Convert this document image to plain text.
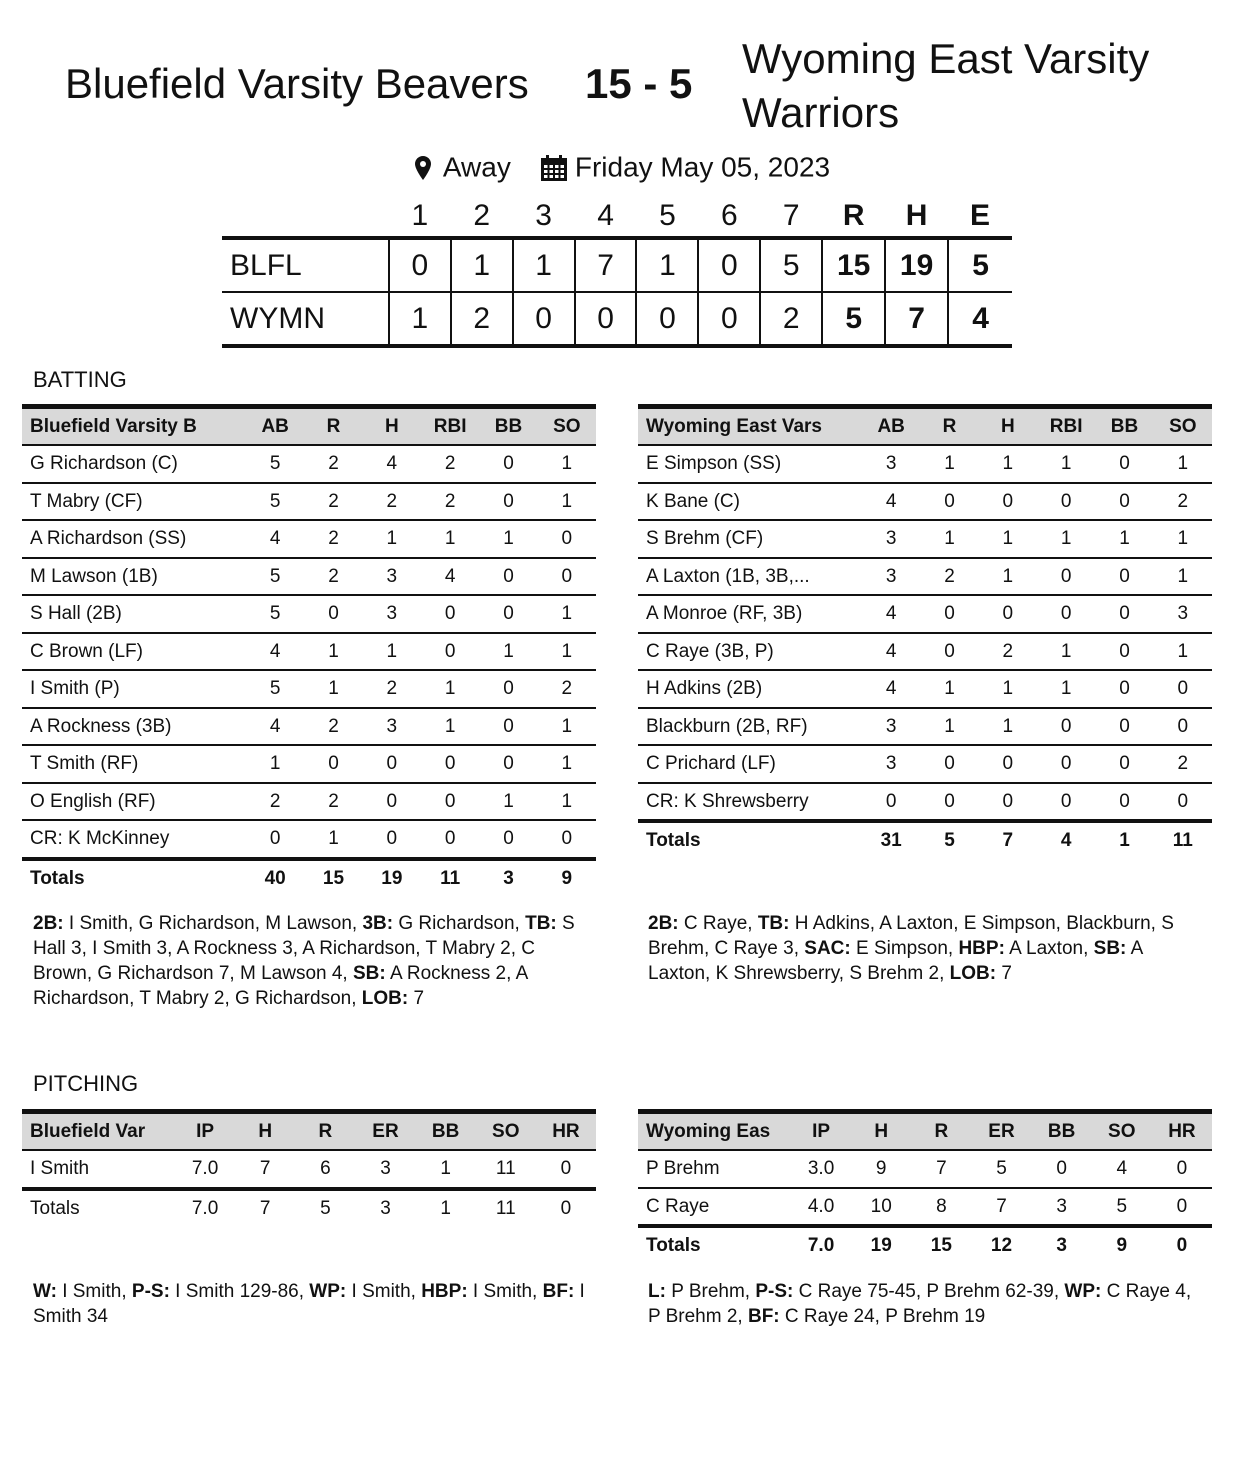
Bluefield Varsity Beavers 15 - 5
Wyoming East Varsity Warriors
Away Friday May 05, 2023
	1	2	3	4	5	6	7	R	H	E
BLFL	0	1	1	7	1	0	5	15	19	5
WYMN	1	2	0	0	0	0	2	5	7	4
BATTING
PITCHING
Bluefield Varsity B	AB	R	H	RBI	BB	SO
G Richardson (C)	5	2	4	2	0	1
T Mabry (CF)	5	2	2	2	0	1
A Richardson (SS)	4	2	1	1	1	0
M Lawson (1B)	5	2	3	4	0	0
S Hall (2B)	5	0	3	0	0	1
C Brown (LF)	4	1	1	0	1	1
I Smith (P)	5	1	2	1	0	2
A Rockness (3B)	4	2	3	1	0	1
T Smith (RF)	1	0	0	0	0	1
O English (RF)	2	2	0	0	1	1
CR: K McKinney	0	1	0	0	0	0
Totals	40	15	19	11	3	9
Wyoming East Vars	AB	R	H	RBI	BB	SO
E Simpson (SS)	3	1	1	1	0	1
K Bane (C)	4	0	0	0	0	2
S Brehm (CF)	3	1	1	1	1	1
A Laxton (1B, 3B,...	3	2	1	0	0	1
A Monroe (RF, 3B)	4	0	0	0	0	3
C Raye (3B, P)	4	0	2	1	0	1
H Adkins (2B)	4	1	1	1	0	0
Blackburn (2B, RF)	3	1	1	0	0	0
C Prichard (LF)	3	0	0	0	0	2
CR: K Shrewsberry	0	0	0	0	0	0
Totals	31	5	7	4	1	11
2B: I Smith, G Richardson, M Lawson, 3B: G Richardson, TB: S Hall 3, I Smith 3, A Rockness 3, A Richardson, T Mabry 2, C Brown, G Richardson 7, M Lawson 4, SB: A Rockness 2, A Richardson, T Mabry 2, G Richardson, LOB: 7
2B: C Raye, TB: H Adkins, A Laxton, E Simpson, Blackburn, S Brehm, C Raye 3, SAC: E Simpson, HBP: A Laxton, SB: A Laxton, K Shrewsberry, S Brehm 2, LOB: 7
Bluefield Var	IP	H	R	ER	BB	SO	HR
I Smith	7.0	7	6	3	1	11	0
Totals	7.0	7	5	3	1	11	0
Wyoming Eas	IP	H	R	ER	BB	SO	HR
P Brehm	3.0	9	7	5	0	4	0
C Raye	4.0	10	8	7	3	5	0
Totals	7.0	19	15	12	3	9	0
W: I Smith, P-S: I Smith 129-86, WP: I Smith, HBP: I Smith, BF: I Smith 34
L: P Brehm, P-S: C Raye 75-45, P Brehm 62-39, WP: C Raye 4, P Brehm 2, BF: C Raye 24, P Brehm 19
